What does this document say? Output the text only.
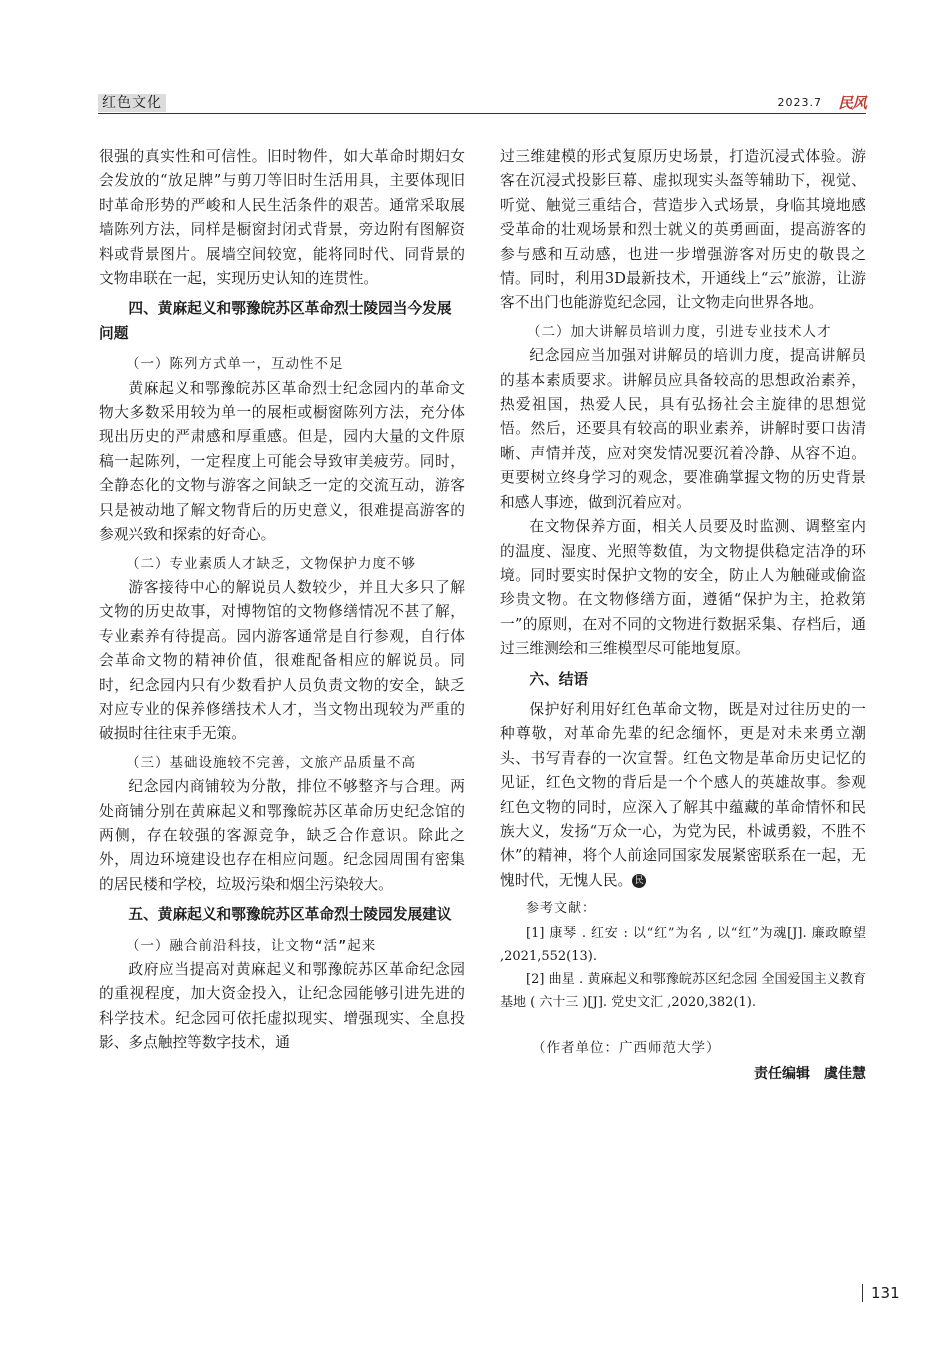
红色文化	2023.7 民风

很强的真实性和可信性。旧时物件，如大革命时期妇女会发放的“放足牌”与剪刀等旧时生活用具，主要体现旧时革命形势的严峻和人民生活条件的艰苦。通常采取展墙陈列方法，同样是橱窗封闭式背景，旁边附有图解资料或背景图片。展墙空间较宽，能将同时代、同背景的文物串联在一起，实现历史认知的连贯性。

四、黄麻起义和鄂豫皖苏区革命烈士陵园当今发展问题
（一）陈列方式单一，互动性不足

黄麻起义和鄂豫皖苏区革命烈士纪念园内的革命文物大多数采用较为单一的展柜或橱窗陈列方法，充分体现出历史的严肃感和厚重感。但是，园内大量的文件原稿一起陈列，一定程度上可能会导致审美疲劳。同时，全静态化的文物与游客之间缺乏一定的交流互动，游客只是被动地了解文物背后的历史意义，很难提高游客的参观兴致和探索的好奇心。

（二）专业素质人才缺乏，文物保护力度不够

游客接待中心的解说员人数较少，并且大多只了解文物的历史故事，对博物馆的文物修缮情况不甚了解，专业素养有待提高。园内游客通常是自行参观，自行体会革命文物的精神价值，很难配备相应的解说员。同时，纪念园内只有少数看护人员负责文物的安全，缺乏对应专业的保养修缮技术人才，当文物出现较为严重的破损时往往束手无策。

（三）基础设施较不完善，文旅产品质量不高

纪念园内商铺较为分散，排位不够整齐与合理。两处商铺分别在黄麻起义和鄂豫皖苏区革命历史纪念馆的两侧，存在较强的客源竞争，缺乏合作意识。除此之外，周边环境建设也存在相应问题。纪念园周围有密集的居民楼和学校，垃圾污染和烟尘污染较大。

五、黄麻起义和鄂豫皖苏区革命烈士陵园发展建议
（一）融合前沿科技，让文物“活”起来

政府应当提高对黄麻起义和鄂豫皖苏区革命纪念园的重视程度，加大资金投入，让纪念园能够引进先进的科学技术。纪念园可依托虚拟现实、增强现实、全息投影、多点触控等数字技术，通

过三维建模的形式复原历史场景，打造沉浸式体验。游客在沉浸式投影巨幕、虚拟现实头盔等辅助下，视觉、听觉、触觉三重结合，营造步入式场景，身临其境地感受革命的壮观场景和烈士就义的英勇画面，提高游客的参与感和互动感，也进一步增强游客对历史的敬畏之情。同时，利用3D最新技术，开通线上“云”旅游，让游客不出门也能游览纪念园，让文物走向世界各地。

（二）加大讲解员培训力度，引进专业技术人才

纪念园应当加强对讲解员的培训力度，提高讲解员的基本素质要求。讲解员应具备较高的思想政治素养，热爱祖国，热爱人民，具有弘扬社会主旋律的思想觉悟。然后，还要具有较高的职业素养，讲解时要口齿清晰、声情并茂，应对突发情况要沉着冷静、从容不迫。更要树立终身学习的观念，要准确掌握文物的历史背景和感人事迹，做到沉着应对。

在文物保养方面，相关人员要及时监测、调整室内的温度、湿度、光照等数值，为文物提供稳定洁净的环境。同时要实时保护文物的安全，防止人为触碰或偷盗珍贵文物。在文物修缮方面，遵循“保护为主，抢救第一”的原则，在对不同的文物进行数据采集、存档后，通过三维测绘和三维模型尽可能地复原。

六、结语

保护好利用好红色革命文物，既是对过往历史的一种尊敬，对革命先辈的纪念缅怀，更是对未来勇立潮头、书写青春的一次宣誓。红色文物是革命历史记忆的见证，红色文物的背后是一个个感人的英雄故事。参观红色文物的同时，应深入了解其中蕴藏的革命情怀和民族大义，发扬“万众一心，为党为民，朴诚勇毅，不胜不休”的精神，将个人前途同国家发展紧密联系在一起，无愧时代，无愧人民。 民

参考文献：

[1] 康琴 . 红安 : 以“红”为名 , 以“红”为魂[J]. 廉政瞭望 ,2021,552(13).

[2] 曲星 . 黄麻起义和鄂豫皖苏区纪念园 全国爱国主义教育基地 ( 六十三 )[J]. 党史文汇 ,2020,382(1).

（作者单位：广西师范大学）

责任编辑　虞佳慧

131
